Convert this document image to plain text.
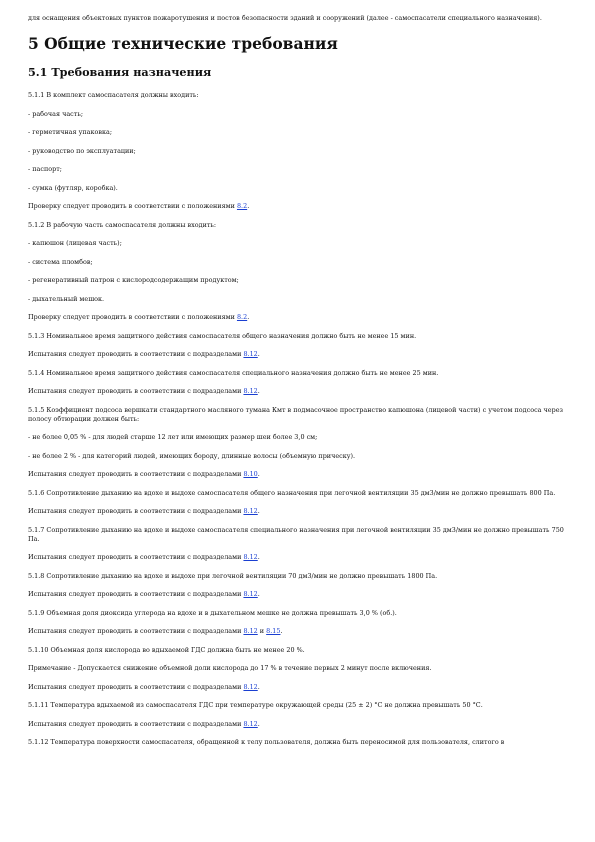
для оснащения объектовых пунктов пожаротушения и постов безопасности зданий и сооружений (далее - самоспасатели специального назначения).

5 Общие технические требования
5.1 Требования назначения

5.1.1 В комплект самоспасателя должны входить:

- рабочая часть;

- герметичная упаковка;

- руководство по эксплуатации;

- паспорт;

- сумка (футляр, коробка).

Проверку следует проводить в соответствии с положениями 8.2.

5.1.2 В рабочую часть самоспасателя должны входить:

- капюшон (лицевая часть);

- система пломбов;

- регенеративный патрон с кислородсодержащим продуктом;

- дыхательный мешок.

Проверку следует проводить в соответствии с положениями 8.2.

5.1.3 Номинальное время защитного действия самоспасателя общего назначения должно быть не менее 15 мин.

Испытания следует проводить в соответствии с подразделами 8.12.

5.1.4 Номинальное время защитного действия самоспасателя специального назначения должно быть не менее 25 мин.

Испытания следует проводить в соответствии с подразделами 8.12.

5.1.5 Коэффициент подсоса вершкати стандартного масляного тумана Кмт в подмасочное пространство капюшона (лицевой части) с учетом подсоса через полосу обтюрации должен быть:

- не более 0,05 % - для людей старше 12 лет или имеющих размер шеи более 3,0 см;

- не более 2 % - для категорий людей, имеющих бороду, длинные волосы (объемную прическу).

Испытания следует проводить в соответствии с подразделами 8.10.

5.1.6 Сопротивление дыханию на вдохе и выдохе самоспасателя общего назначения при легочной вентиляции 35 дм3/мин не должно превышать 800 Па.

Испытания следует проводить в соответствии с подразделами 8.12.

5.1.7 Сопротивление дыханию на вдохе и выдохе самоспасателя специального назначения при легочной вентиляции 35 дм3/мин не должно превышать 750 Па.

Испытания следует проводить в соответствии с подразделами 8.12.

5.1.8 Сопротивление дыханию на вдохе и выдохе при легочной вентиляции 70 дм3/мин не должно превышать 1800 Па.

Испытания следует проводить в соответствии с подразделами 8.12.

5.1.9 Объемная доля диоксида углерода на вдохе и в дыхательном мешке не должна превышать 3,0 % (об.).

Испытания следует проводить в соответствии с подразделами 8.12 и 8.15.

5.1.10 Объемная доля кислорода во вдыхаемой ГДС должна быть не менее 20 %.

Примечание - Допускается снижение объемной доли кислорода до 17 % в течение первых 2 минут после включения.

Испытания следует проводить в соответствии с подразделами 8.12.

5.1.11 Температура вдыхаемой из самоспасателя ГДС при температуре окружающей среды (25 ± 2) °С не должна превышать 50 °С.

Испытания следует проводить в соответствии с подразделами 8.12.

5.1.12 Температура поверхности самоспасателя, обращенной к телу пользователя, должна быть переносимой для пользователя, слитого в
